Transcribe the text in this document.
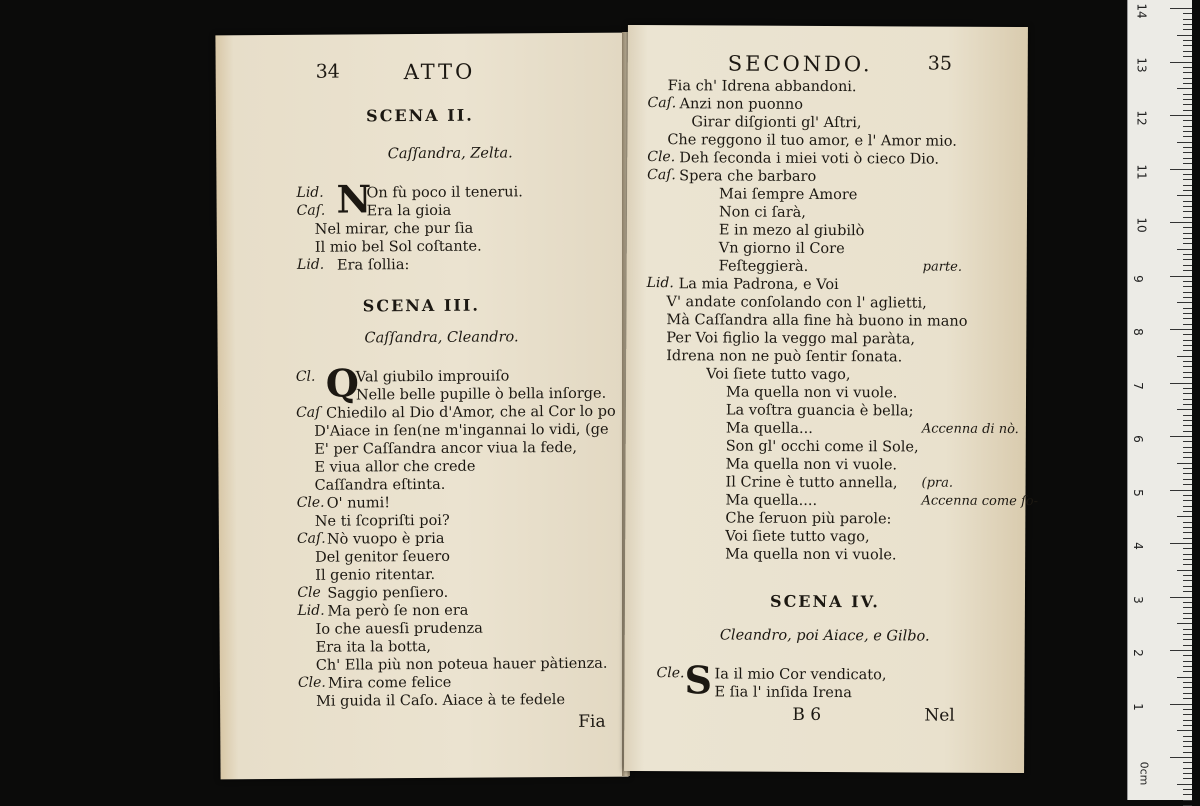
34	ATTO
SCENA II.
Caſſandra, Zelta.
Lid. N
On fù poco il tenerui.
Caſ.	Era la gioia
Nel mirar, che pur ſia
Il mio bel Sol coſtante.
Lid. Era ſollia:
SCENA III.
Caſſandra, Cleandro.
Cl. Q
Val giubilo improuiſo
Nelle belle pupille ò bella inſorge.
Caſ Chiedilo al Dio d'Amor, che al Cor lo po
D'Aiace in ſen(ne m'ingannai lo vidi, (ge
E' per Caſſandra ancor viua la fede,
E viua allor che crede
Caſſandra eſtinta.
Cle. O' numi!
Ne ti ſcopriſti poi?
Caſ. Nò vuopo è pria
Del genitor ſeuero
Il genio ritentar.
Cle Saggio penſiero.
Lid. Ma però ſe non era
Io che auesſi prudenza
Era ita la botta,
Ch' Ella più non poteua hauer pàtienza.
Cle. Mira come felice
Mi guida il Caſo. Aiace à te fedele
Fia
SECONDO.	35
Fia ch' Idrena abbandoni.
Caſ. Anzi non puonno
Girar diſgionti gl' Aſtri,
Che reggono il tuo amor, e l' Amor mio.
Cle. Deh ſeconda i miei voti ò cieco Dio.
Caſ. Spera che barbaro
Mai ſempre Amore
Non ci ſarà,
E in mezo al giubilò
Vn giorno il Core
Feſteggierà.	parte.
Lid. La mia Padrona, e Voi
V' andate conſolando con l' aglietti,
Mà Caſſandra alla fine hà buono in mano
Per Voi figlio la veggo mal paràta,
Idrena non ne può ſentir ſonata.
Voi ſiete tutto vago,
Ma quella non vi vuole.
La voſtra guancia è bella;
Ma quella...	Accenna di nò.
Son gl' occhi come il Sole,
Ma quella non vi vuole.
Il Crine è tutto annella, (pra.
Ma quella....	Accenna come ſo-
Che ſeruon più parole:
Voi ſiete tutto vago,
Ma quella non vi vuole.
SCENA IV.
Cleandro, poi Aiace, e Gilbo.
Cle. S Ia il mio Cor vendicato,
E ſia l' inſida Irena
B 6	Nel
14
13
12
11
10
9
8
7
6
5
4
3
2
1
0cm
